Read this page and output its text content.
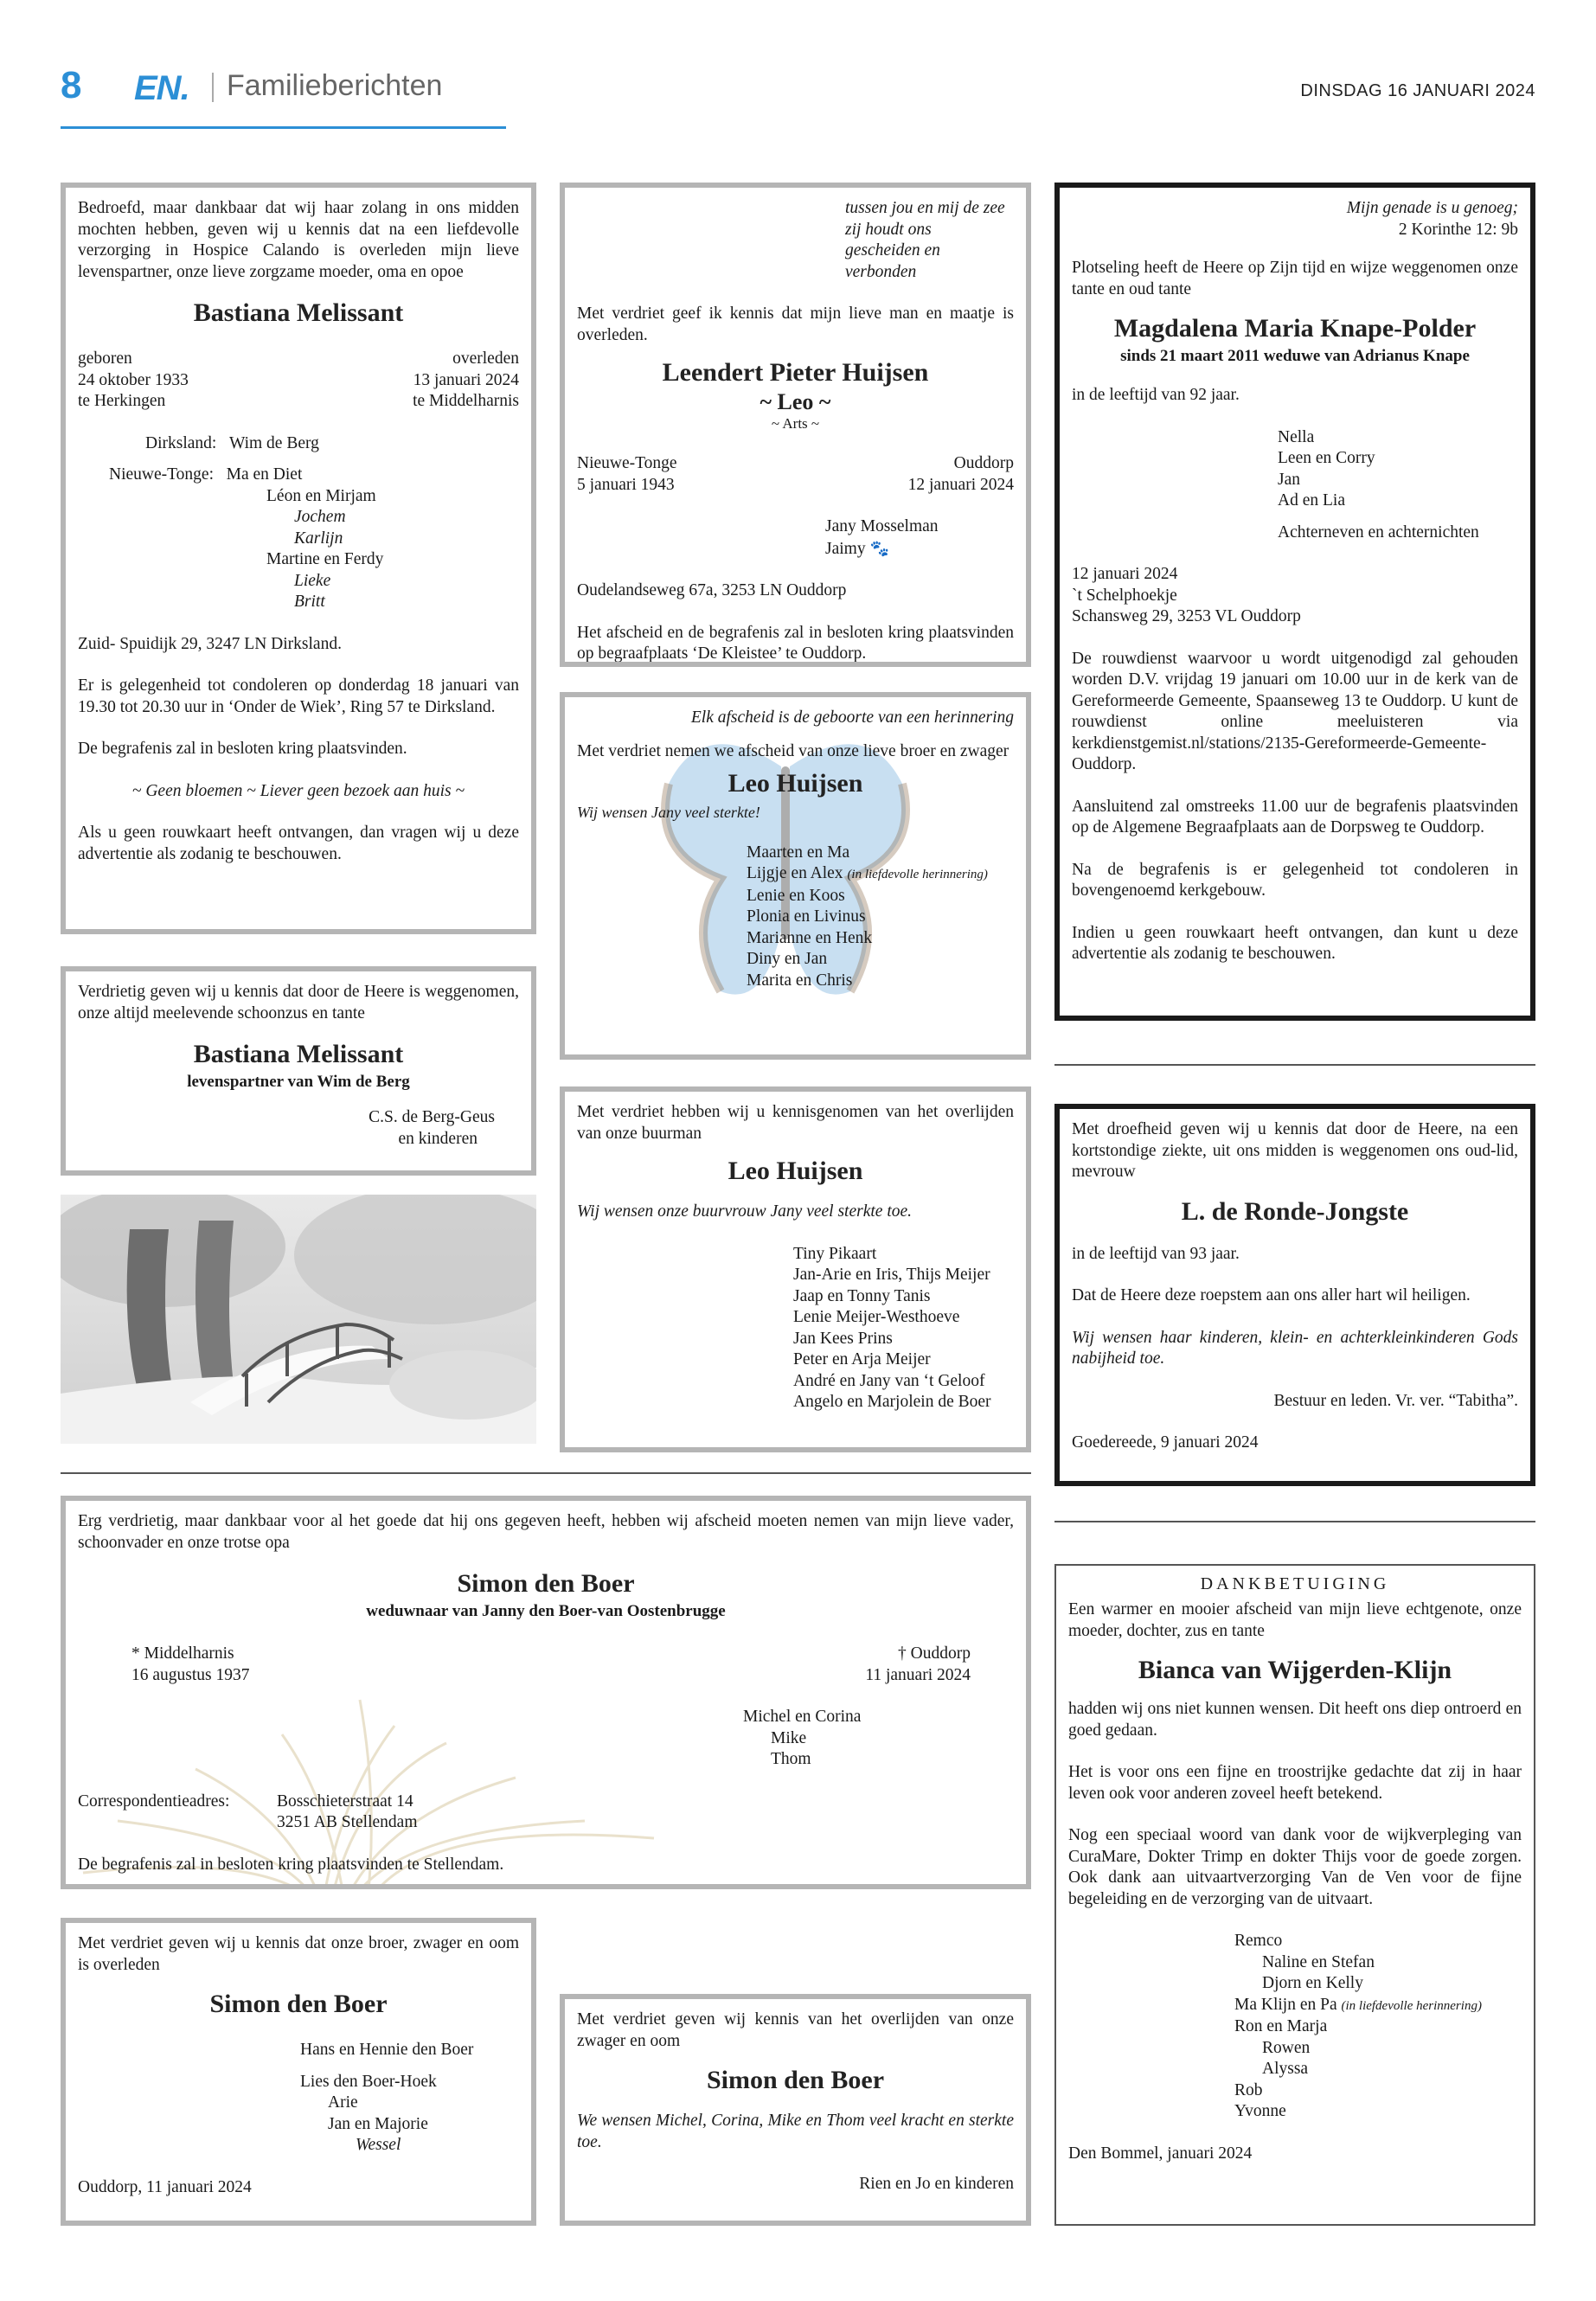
8 EN. Familieberichten	DINSDAG 16 JANUARI 2024
Bedroefd, maar dankbaar dat wij haar zolang in ons midden mochten hebben, geven wij u kennis dat na een liefdevolle verzorging in Hospice Calando is overleden mijn lieve levenspartner, onze lieve zorgzame moeder, oma en opoe
Bastiana Melissant
geboren	overleden
24 oktober 1933	13 januari 2024
te Herkingen	te Middelharnis
Dirksland: Wim de Berg
Nieuwe-Tonge: Ma en Diet
Léon en Mirjam
Jochem
Karlijn
Martine en Ferdy
Lieke
Britt
Zuid- Spuidijk 29, 3247 LN Dirksland.
Er is gelegenheid tot condoleren op donderdag 18 januari van 19.30 tot 20.30 uur in ‘Onder de Wiek’, Ring 57 te Dirksland.
De begrafenis zal in besloten kring plaatsvinden.
~ Geen bloemen ~ Liever geen bezoek aan huis ~
Als u geen rouwkaart heeft ontvangen, dan vragen wij u deze advertentie als zodanig te beschouwen.
Verdrietig geven wij u kennis dat door de Heere is weggenomen, onze altijd meelevende schoonzus en tante
Bastiana Melissant
levenspartner van Wim de Berg
C.S. de Berg-Geus
en kinderen
tussen jou en mij de zee
zij houdt ons
gescheiden en verbonden
Met verdriet geef ik kennis dat mijn lieve man en maatje is overleden.
Leendert Pieter Huijsen
~ Leo ~
~ Arts ~
Nieuwe-Tonge	Ouddorp
5 januari 1943	12 januari 2024
Jany Mosselman
Jaimy 🐾
Oudelandseweg 67a, 3253 LN Ouddorp
Het afscheid en de begrafenis zal in besloten kring plaatsvinden op begraafplaats ‘De Kleistee’ te Ouddorp.
Elk afscheid is de geboorte van een herinnering
Met verdriet nemen we afscheid van onze lieve broer en zwager
Leo Huijsen
Wij wensen Jany veel sterkte!
Maarten en Ma
Lijgje en Alex (in liefdevolle herinnering)
Lenie en Koos
Plonia en Livinus
Marianne en Henk
Diny en Jan
Marita en Chris
Met verdriet hebben wij u kennisgenomen van het overlijden van onze buurman
Leo Huijsen
Wij wensen onze buurvrouw Jany veel sterkte toe.
Tiny Pikaart
Jan-Arie en Iris, Thijs Meijer
Jaap en Tonny Tanis
Lenie Meijer-Westhoeve
Jan Kees Prins
Peter en Arja Meijer
André en Jany van ‘t Geloof
Angelo en Marjolein de Boer
Mijn genade is u genoeg;
2 Korinthe 12: 9b
Plotseling heeft de Heere op Zijn tijd en wijze weggenomen onze tante en oud tante
Magdalena Maria Knape-Polder
sinds 21 maart 2011 weduwe van Adrianus Knape
in de leeftijd van 92 jaar.
Nella
Leen en Corry
Jan
Ad en Lia
Achterneven en achternichten
12 januari 2024
`t Schelphoekje
Schansweg 29, 3253 VL Ouddorp
De rouwdienst waarvoor u wordt uitgenodigd zal gehouden worden D.V. vrijdag 19 januari om 10.00 uur in de kerk van de Gereformeerde Gemeente, Spaanseweg 13 te Ouddorp. U kunt de rouwdienst online meeluisteren via kerkdienstgemist.nl/stations/2135-Gereformeerde-Gemeente-Ouddorp.
Aansluitend zal omstreeks 11.00 uur de begrafenis plaatsvinden op de Algemene Begraafplaats aan de Dorpsweg te Ouddorp.
Na de begrafenis is er gelegenheid tot condoleren in bovengenoemd kerkgebouw.
Indien u geen rouwkaart heeft ontvangen, dan kunt u deze advertentie als zodanig te beschouwen.
Met droefheid geven wij u kennis dat door de Heere, na een kortstondige ziekte, uit ons midden is weggenomen ons oud-lid, mevrouw
L. de Ronde-Jongste
in de leeftijd van 93 jaar.
Dat de Heere deze roepstem aan ons aller hart wil heiligen.
Wij wensen haar kinderen, klein- en achterkleinkinderen Gods nabijheid toe.
Bestuur en leden. Vr. ver. “Tabitha”.
Goedereede, 9 januari 2024
Erg verdrietig, maar dankbaar voor al het goede dat hij ons gegeven heeft, hebben wij afscheid moeten nemen van mijn lieve vader, schoonvader en onze trotse opa
Simon den Boer
weduwnaar van Janny den Boer-van Oostenbrugge
* Middelharnis	† Ouddorp
16 augustus 1937	11 januari 2024
Michel en Corina
Mike
Thom
Correspondentieadres:	Bosschieterstraat 14
3251 AB Stellendam
De begrafenis zal in besloten kring plaatsvinden te Stellendam.
Met verdriet geven wij u kennis dat onze broer, zwager en oom is overleden
Simon den Boer
Hans en Hennie den Boer
Lies den Boer-Hoek
Arie
Jan en Majorie
Wessel
Ouddorp, 11 januari 2024
Met verdriet geven wij kennis van het overlijden van onze zwager en oom
Simon den Boer
We wensen Michel, Corina, Mike en Thom veel kracht en sterkte toe.
Rien en Jo en kinderen
DANKBETUIGING
Een warmer en mooier afscheid van mijn lieve echtgenote, onze moeder, dochter, zus en tante
Bianca van Wijgerden-Klijn
hadden wij ons niet kunnen wensen. Dit heeft ons diep ontroerd en goed gedaan.
Het is voor ons een fijne en troostrijke gedachte dat zij in haar leven ook voor anderen zoveel heeft betekend.
Nog een speciaal woord van dank voor de wijkverpleging van CuraMare, Dokter Trimp en dokter Thijs voor de goede zorgen. Ook dank aan uitvaartverzorging Van de Ven voor de fijne begeleiding en de verzorging van de uitvaart.
Remco
Naline en Stefan
Djorn en Kelly
Ma Klijn en Pa (in liefdevolle herinnering)
Ron en Marja
Rowen
Alyssa
Rob
Yvonne
Den Bommel, januari 2024
